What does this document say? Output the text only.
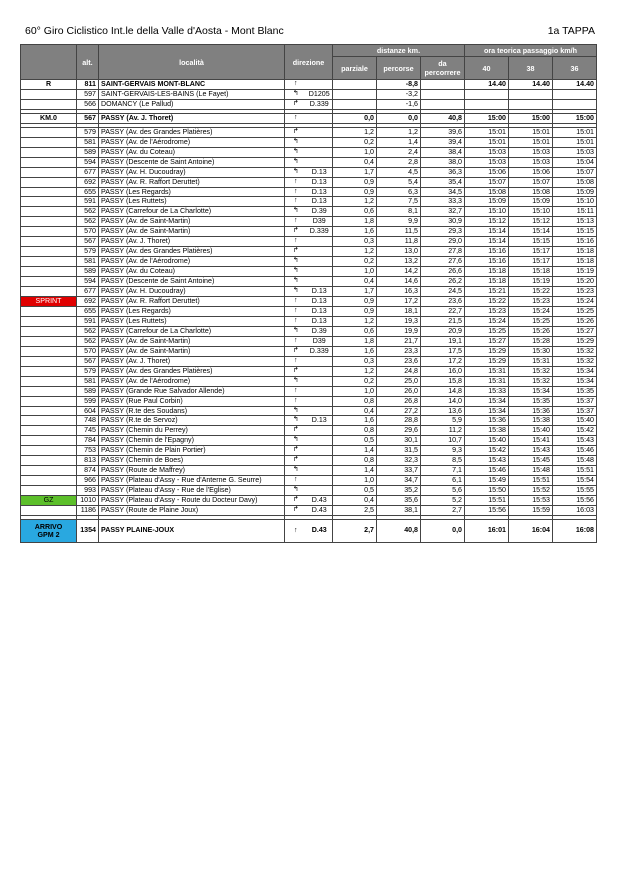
60° Giro Ciclistico Int.le della Valle d'Aosta - Mont Blanc	1a TAPPA
	alt.	località	direzione		distanze km.			ora teorica passaggio km/h		
					parziale	percorse	da percorrere	40	38	36
R	811	SAINT-GERVAIS MONT-BLANC	↑			-8,8		14.40	14.40	14.40
	597	SAINT-GERVAIS-LES-BAINS (Le Fayet)	↰	D1205		-3,2				
	566	DOMANCY (Le Pallud)	↱	D.339		-1,6				

KM.0	567	PASSY (Av. J. Thoret)	↑		0,0	0,0	40,8	15:00	15:00	15:00

	579	PASSY (Av. des Grandes Platières)	↱		1,2	1,2	39,6	15:01	15:01	15:01
	581	PASSY (Av. de l'Aérodrome)	↰		0,2	1,4	39,4	15:01	15:01	15:01
	589	PASSY (Av. du Coteau)	↰		1,0	2,4	38,4	15:03	15:03	15:03
	594	PASSY (Descente de Saint Antoine)	↰		0,4	2,8	38,0	15:03	15:03	15:04
	677	PASSY (Av. H. Ducoudray)	↰	D.13	1,7	4,5	36,3	15:06	15:06	15:07
	692	PASSY (Av. R. Raffort Deruttet)	↑	D.13	0,9	5,4	35,4	15:07	15:07	15:08
	655	PASSY (Les Regards)	↑	D.13	0,9	6,3	34,5	15:08	15:08	15:09
	591	PASSY (Les Ruttets)	↑	D.13	1,2	7,5	33,3	15:09	15:09	15:10
	562	PASSY (Carrefour de La Charlotte)	↰	D.39	0,6	8,1	32,7	15:10	15:10	15:11
	562	PASSY (Av. de Saint-Martin)	↑	D39	1,8	9,9	30,9	15:12	15:12	15:13
	570	PASSY (Av. de Saint-Martin)	↱	D.339	1,6	11,5	29,3	15:14	15:14	15:15
	567	PASSY (Av. J. Thoret)	↑		0,3	11,8	29,0	15:14	15:15	15:16
	579	PASSY (Av. des Grandes Platières)	↱		1,2	13,0	27,8	15:16	15:17	15:18
	581	PASSY (Av. de l'Aérodrome)	↰		0,2	13,2	27,6	15:16	15:17	15:18
	589	PASSY (Av. du Coteau)	↰		1,0	14,2	26,6	15:18	15:18	15:19
	594	PASSY (Descente de Saint Antoine)	↰		0,4	14,6	26,2	15:18	15:19	15:20
	677	PASSY (Av. H. Ducoudray)	↰	D.13	1,7	16,3	24,5	15:21	15:22	15:23
SPRINT	692	PASSY (Av. R. Raffort Deruttet)	↑	D.13	0,9	17,2	23,6	15:22	15:23	15:24
	655	PASSY (Les Regards)	↑	D.13	0,9	18,1	22,7	15:23	15:24	15:25
	591	PASSY (Les Ruttets)	↑	D.13	1,2	19,3	21,5	15:24	15:25	15:26
	562	PASSY (Carrefour de La Charlotte)	↰	D.39	0,6	19,9	20,9	15:25	15:26	15:27
	562	PASSY (Av. de Saint-Martin)	↑	D39	1,8	21,7	19,1	15:27	15:28	15:29
	570	PASSY (Av. de Saint-Martin)	↱	D.339	1,6	23,3	17,5	15:29	15:30	15:32
	567	PASSY (Av. J. Thoret)	↑		0,3	23,6	17,2	15:29	15:31	15:32
	579	PASSY (Av. des Grandes Platières)	↱		1,2	24,8	16,0	15:31	15:32	15:34
	581	PASSY (Av. de l'Aérodrome)	↰		0,2	25,0	15,8	15:31	15:32	15:34
	589	PASSY (Grande Rue Salvador Allende)	↑		1,0	26,0	14,8	15:33	15:34	15:35
	599	PASSY (Rue Paul Corbin)	↑		0,8	26,8	14,0	15:34	15:35	15:37
	604	PASSY (R.te des Soudans)	↰		0,4	27,2	13,6	15:34	15:36	15:37
	748	PASSY (R.te de Servoz)	↰	D.13	1,6	28,8	5,9	15:36	15:38	15:40
	745	PASSY (Chemin du Perrey)	↱		0,8	29,6	11,2	15:38	15:40	15:42
	784	PASSY (Chemin de l'Epagny)	↰		0,5	30,1	10,7	15:40	15:41	15:43
	753	PASSY (Chemin de Plain Portier)	↱		1,4	31,5	9,3	15:42	15:43	15:46
	813	PASSY (Chemin de Boes)	↱		0,8	32,3	8,5	15:43	15:45	15:48
	874	PASSY (Route de Maffrey)	↰		1,4	33,7	7,1	15:46	15:48	15:51
	966	PASSY (Plateau d'Assy - Rue d'Anterne G. Seurre)	↑		1,0	34,7	6,1	15:49	15:51	15:54
	993	PASSY (Plateau d'Assy - Rue de l'Eglise)	↰		0,5	35,2	5,6	15:50	15:52	15:55
GZ	1010	PASSY (Plateau d'Assy - Route du Docteur Davy)	↱	D.43	0,4	35,6	5,2	15:51	15:53	15:56
	1186	PASSY (Route de Plaine Joux)	↱	D.43	2,5	38,1	2,7	15:56	15:59	16:03

ARRIVO
GPM 2	1354	PASSY PLAINE-JOUX	↑	D.43	2,7	40,8	0,0	16:01	16:04	16:08
